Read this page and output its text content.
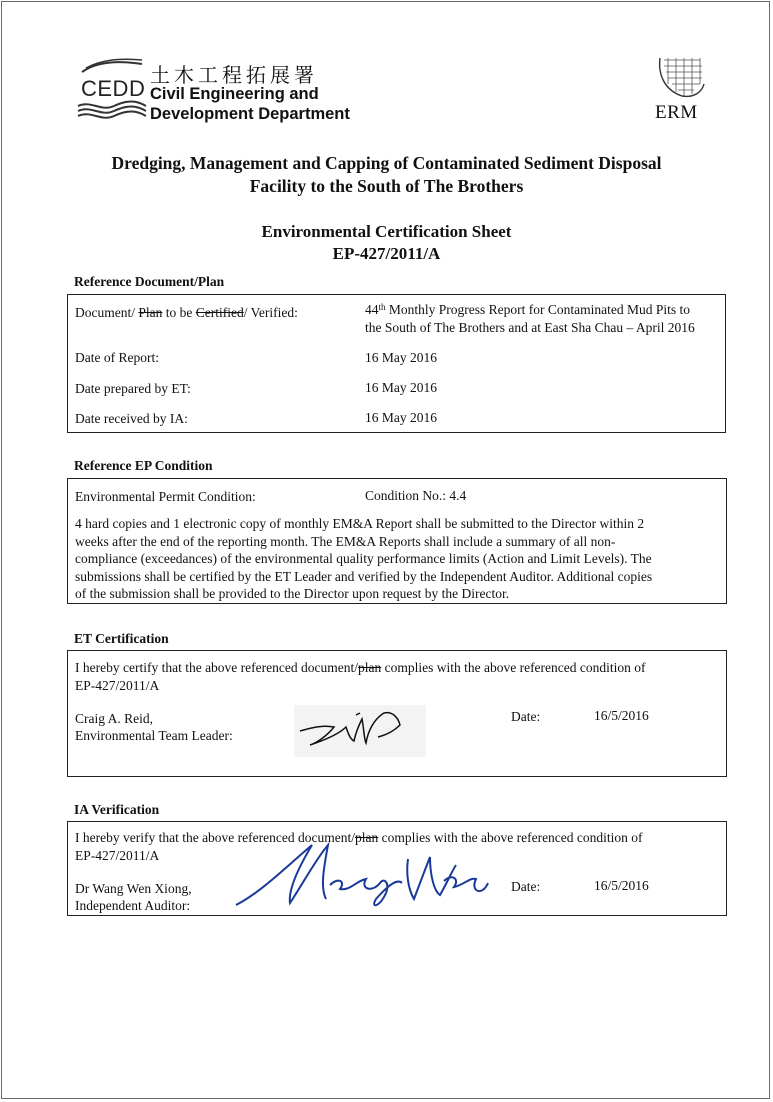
CEDD
土木工程拓展署
Civil Engineering and
Development Department	ERM
Dredging, Management and Capping of Contaminated Sediment Disposal
Facility to the South of The Brothers
Environmental Certification Sheet
EP-427/2011/A
Reference Document/Plan
Document/ Plan to be Certified/ Verified:	44th Monthly Progress Report for Contaminated Mud Pits to
the South of The Brothers and at East Sha Chau – April 2016
Date of Report:	16 May 2016
Date prepared by ET:	16 May 2016
Date received by IA:	16 May 2016
Reference EP Condition
Environmental Permit Condition:	Condition No.: 4.4
4 hard copies and 1 electronic copy of monthly EM&A Report shall be submitted to the Director within 2
weeks after the end of the reporting month. The EM&A Reports shall include a summary of all non-
compliance (exceedances) of the environmental quality performance limits (Action and Limit Levels). The
submissions shall be certified by the ET Leader and verified by the Independent Auditor. Additional copies
of the submission shall be provided to the Director upon request by the Director.
ET Certification
I hereby certify that the above referenced document/plan complies with the above referenced condition of
EP-427/2011/A
Craig A. Reid,
Environmental Team Leader:
Date:	16/5/2016
IA Verification
I hereby verify that the above referenced document/plan complies with the above referenced condition of
EP-427/2011/A
Dr Wang Wen Xiong,
Independent Auditor:
Date:	16/5/2016
